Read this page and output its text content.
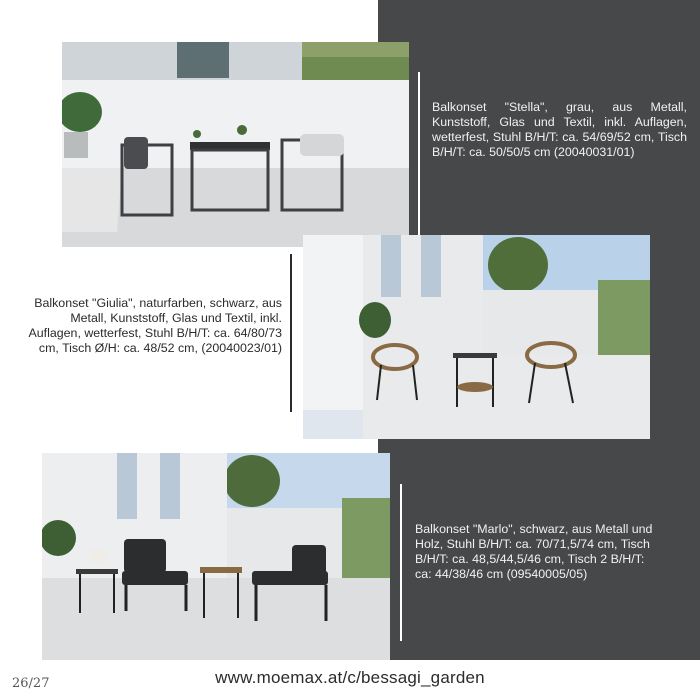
Balkonset "Stella", grau, aus Metall, Kunststoff, Glas und Textil, inkl. Auflagen, wetterfest, Stuhl B/H/T: ca. 54/69/52 cm, Tisch B/H/T: ca. 50/50/5 cm (20040031/01)
Balkonset "Giulia", naturfarben, schwarz, aus Metall, Kunststoff, Glas und Textil, inkl. Auflagen, wetterfest, Stuhl B/H/T: ca. 64/80/73 cm, Tisch Ø/H: ca. 48/52 cm, (20040023/01)
Balkonset "Marlo", schwarz, aus Metall und Holz, Stuhl B/H/T: ca. 70/71,5/74 cm, Tisch B/H/T: ca. 48,5/44,5/46 cm, Tisch 2 B/H/T: ca: 44/38/46 cm (09540005/05)
26/27	www.moemax.at/c/bessagi_garden
